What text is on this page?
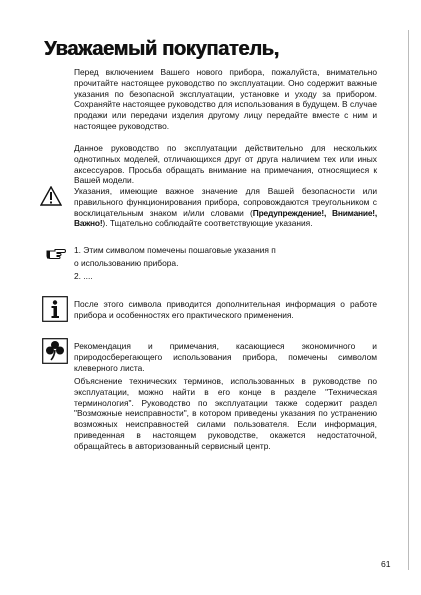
Уважаемый покупатель,

Перед включением Вашего нового прибора, пожалуйста, внимательно прочитайте настоящее руководство по эксплуатации. Оно содержит важные указания по безопасной эксплуатации, установке и уходу за прибором. Сохраняйте настоящее руководство для использования в будущем. В случае продажи или передачи изделия другому лицу передайте вместе с ним и настоящее руководство.

Данное руководство по эксплуатации действительно для нескольких однотипных моделей, отличающихся друг от друга наличием тех или иных аксессуаров. Просьба обращать внимание на примечания, относящиеся к Вашей модели.

Указания, имеющие важное значение для Вашей безопасности или правильного функционирования прибора, сопровождаются треугольником с восклицательным знаком и/или словами (Предупреждение!, Внимание!, Важно!). Тщательно соблюдайте соответствующие указания.

1. Этим символом помечены пошаговые указания п

о использованию прибора.

2. ....

После этого символа приводится дополнительная информация о работе прибора и особенностях его практического применения.

Рекомендация и примечания, касающиеся экономичного и природосберегающего использования прибора, помечены символом клеверного листа.

Объяснение технических терминов, использованных в руководстве по эксплуатации, можно найти в его конце в разделе "Техническая терминология". Руководство по эксплуатации также содержит раздел "Возможные неисправности", в котором приведены указания по устранению возможных неисправностей силами пользователя. Если информация, приведенная в настоящем руководстве, окажется недостаточной, обращайтесь в авторизованный сервисный центр.

61
